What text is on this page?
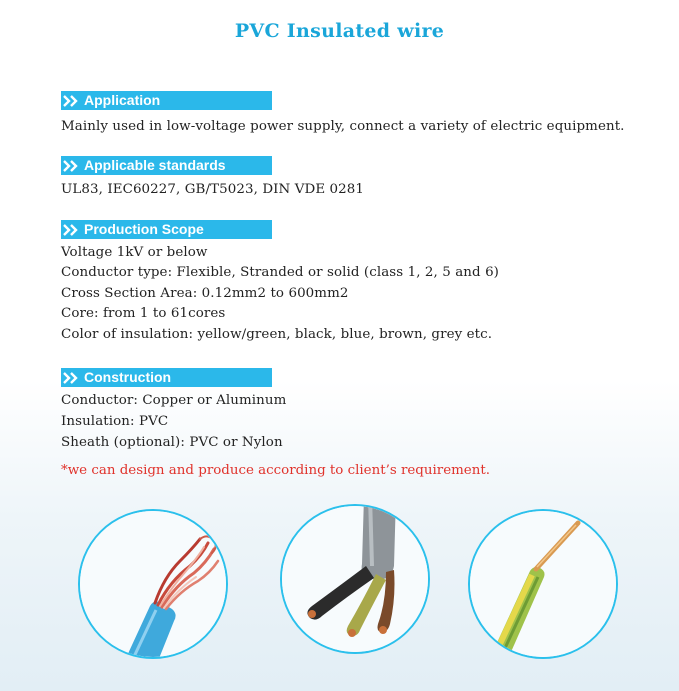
PVC Insulated wire
Application
Mainly used in low-voltage power supply, connect a variety of electric equipment.
Applicable standards
UL83, IEC60227, GB/T5023, DIN VDE 0281
Production Scope
Voltage 1kV or below
Conductor type: Flexible, Stranded or solid (class 1, 2, 5 and 6)
Cross Section Area: 0.12mm2 to 600mm2
Core: from 1 to 61cores
Color of insulation: yellow/green, black, blue, brown, grey etc.
Construction
Conductor: Copper or Aluminum
Insulation: PVC
Sheath (optional): PVC or Nylon
*we can design and produce according to client’s requirement.
